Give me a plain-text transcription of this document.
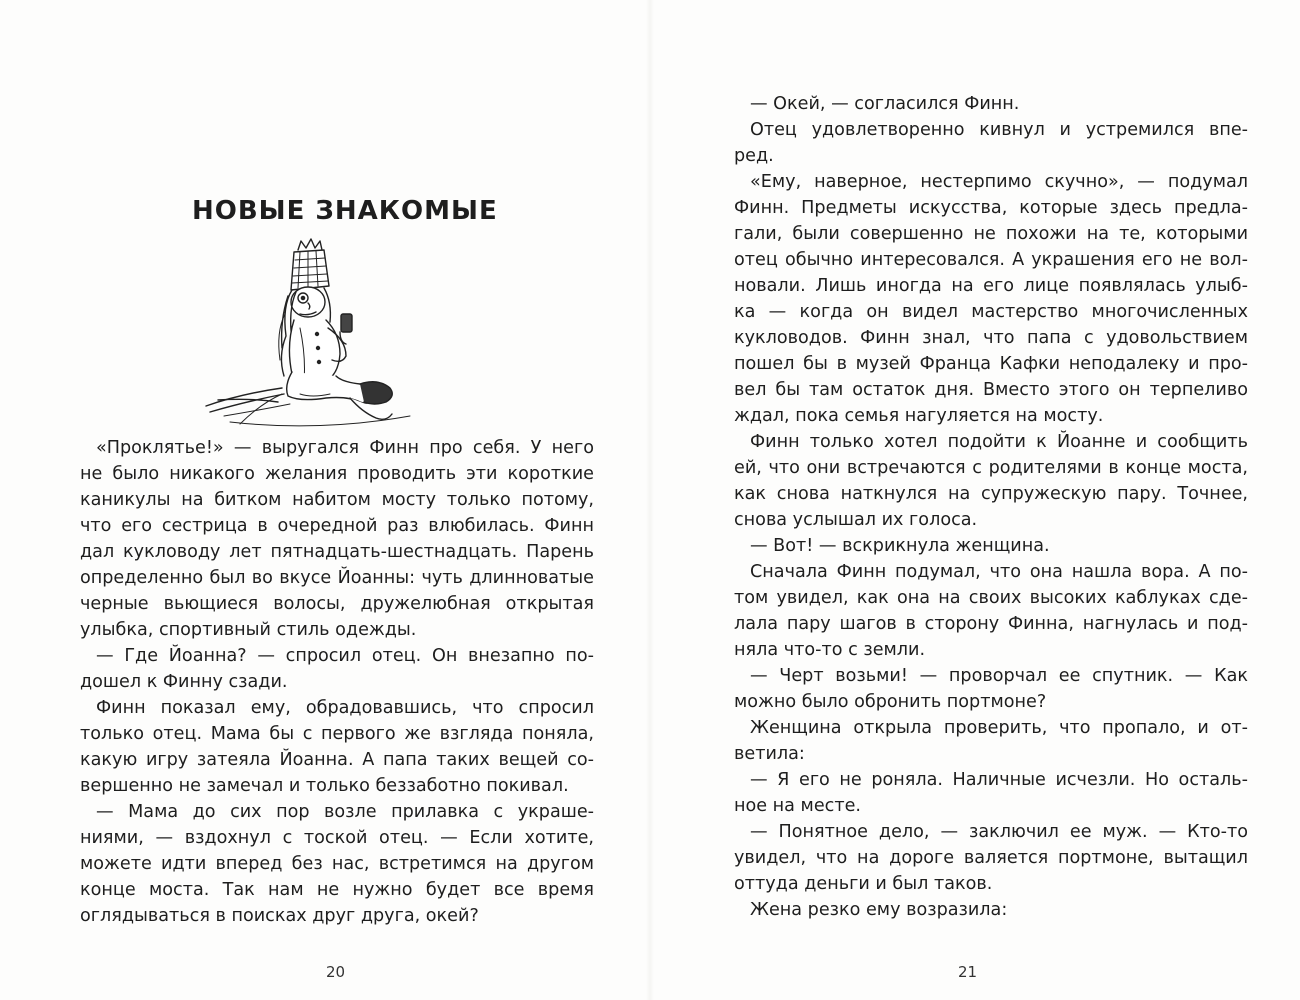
НОВЫЕ ЗНАКОМЫЕ
«Проклятье!» — выругался Финн про себя. У него
не было никакого желания проводить эти короткие
каникулы на битком набитом мосту только потому,
что его сестрица в очередной раз влюбилась. Финн
дал кукловоду лет пятнадцать-шестнадцать. Парень
определенно был во вкусе Йоанны: чуть длинноватые
черные вьющиеся волосы, дружелюбная открытая
улыбка, спортивный стиль одежды.
— Где Йоанна? — спросил отец. Он внезапно по-
дошел к Финну сзади.
Финн показал ему, обрадовавшись, что спросил
только отец. Мама бы с первого же взгляда поняла,
какую игру затеяла Йоанна. А папа таких вещей со-
вершенно не замечал и только беззаботно покивал.
— Мама до сих пор возле прилавка с украше-
ниями, — вздохнул с тоской отец. — Если хотите,
можете идти вперед без нас, встретимся на другом
конце моста. Так нам не нужно будет все время
оглядываться в поисках друг друга, окей?
20
— Окей, — согласился Финн.
Отец удовлетворенно кивнул и устремился впе-
ред.
«Ему, наверное, нестерпимо скучно», — подумал
Финн. Предметы искусства, которые здесь предла-
гали, были совершенно не похожи на те, которыми
отец обычно интересовался. А украшения его не вол-
новали. Лишь иногда на его лице появлялась улыб-
ка — когда он видел мастерство многочисленных
кукловодов. Финн знал, что папа с удовольствием
пошел бы в музей Франца Кафки неподалеку и про-
вел бы там остаток дня. Вместо этого он терпеливо
ждал, пока семья нагуляется на мосту.
Финн только хотел подойти к Йоанне и сообщить
ей, что они встречаются с родителями в конце моста,
как снова наткнулся на супружескую пару. Точнее,
снова услышал их голоса.
— Вот! — вскрикнула женщина.
Сначала Финн подумал, что она нашла вора. А по-
том увидел, как она на своих высоких каблуках сде-
лала пару шагов в сторону Финна, нагнулась и под-
няла что-то с земли.
— Черт возьми! — проворчал ее спутник. — Как
можно было обронить портмоне?
Женщина открыла проверить, что пропало, и от-
ветила:
— Я его не роняла. Наличные исчезли. Но осталь-
ное на месте.
— Понятное дело, — заключил ее муж. — Кто-то
увидел, что на дороге валяется портмоне, вытащил
оттуда деньги и был таков.
Жена резко ему возразила:
21
